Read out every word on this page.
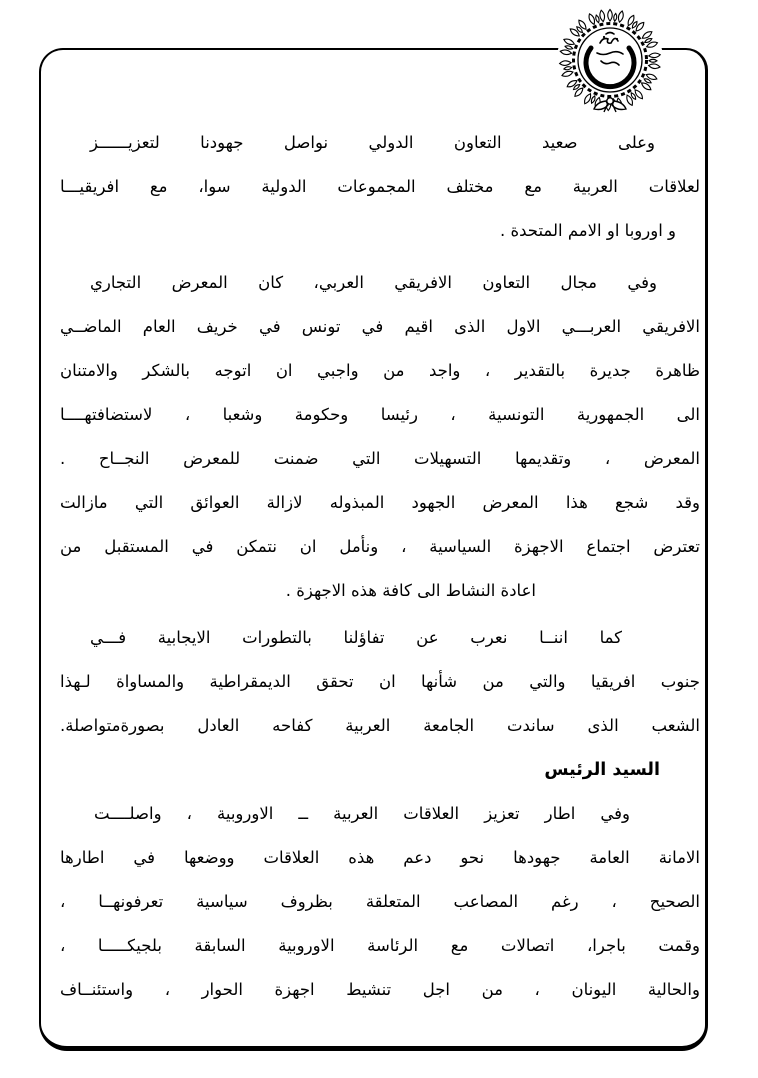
وعلى صعيد التعاون الدولي نواصل جهودنا لتعزيــــــز
لعلاقات العربية مع مختلف المجموعات الدولية سوا، مع افريقيـــا
و اوروبا او الامم المتحدة .
وفي مجال التعاون الافريقي العربي، كان المعرض التجاري
الافريقي العربـــي الاول الذى اقيم في تونس في خريف العام الماضــي
ظاهرة جديرة بالتقدير ، واجد من واجبي ان اتوجه بالشكر والامتنان
الى الجمهورية التونسية ، رئيسا وحكومة وشعبا ، لاستضافتهــــا
المعرض ، وتقديمها التسهيلات التي ضمنت للمعرض النجــاح .
وقد شجع هذا المعرض الجهود المبذوله لازالة العوائق التي مازالت
تعترض اجتماع الاجهزة السياسية ، ونأمل ان نتمكن في المستقبل من
اعادة النشاط الى كافة هذه الاجهزة .
كما اننــا نعرب عن تفاؤلنا بالتطورات الايجابية فـــي
جنوب افريقيا والتي من شأنها ان تحقق الديمقراطية والمساواة لـهذا
الشعب الذى ساندت الجامعة العربية كفاحه العادل بصورةمتواصلة.
السيد الرئيس
وفي اطار تعزيز العلاقات العربية ــ الاوروبية ، واصلــــت
الامانة العامة جهودها نحو دعم هذه العلاقات ووضعها في اطارها
الصحيح ، رغم المصاعب المتعلقة بظروف سياسية تعرفونهــا ،
وقمت باجرا، اتصالات مع الرئاسة الاوروبية السابقة بلجيكـــــا ،
والحالية اليونان ، من اجل تنشيط اجهزة الحوار ، واستئنــاف
